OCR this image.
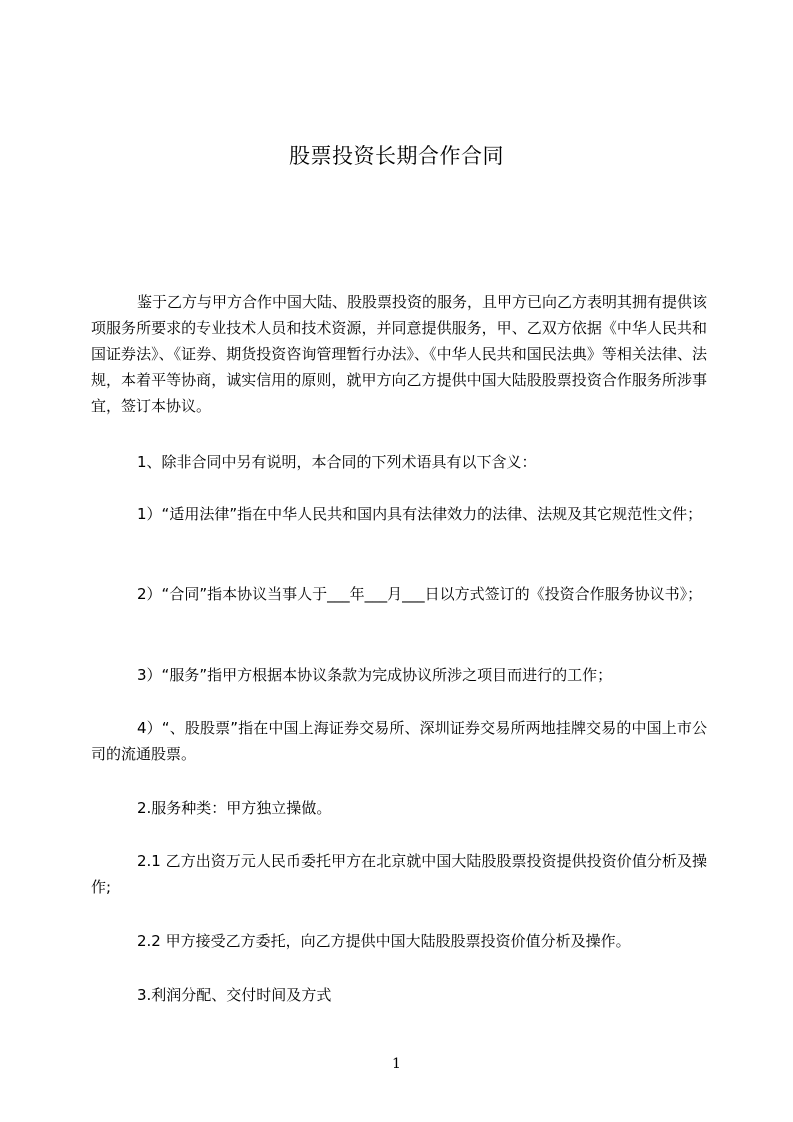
股票投资长期合作合同

鉴于乙方与甲方合作中国大陆、股股票投资的服务，且甲方已向乙方表明其拥有提供该项服务所要求的专业技术人员和技术资源，并同意提供服务，甲、乙双方依据《中华人民共和国证券法》、《证券、期货投资咨询管理暂行办法》、《中华人民共和国民法典》等相关法律、法规，本着平等协商，诚实信用的原则，就甲方向乙方提供中国大陆股股票投资合作服务所涉事宜，签订本协议。

1、除非合同中另有说明，本合同的下列术语具有以下含义：

1）“适用法律”指在中华人民共和国内具有法律效力的法律、法规及其它规范性文件；

2）“合同”指本协议当事人于___年___月___日以方式签订的《投资合作服务协议书》；

3）“服务”指甲方根据本协议条款为完成协议所涉之项目而进行的工作；

4）“、股股票”指在中国上海证券交易所、深圳证券交易所两地挂牌交易的中国上市公司的流通股票。

2.服务种类：甲方独立操做。

2.1 乙方出资万元人民币委托甲方在北京就中国大陆股股票投资提供投资价值分析及操作;

2.2 甲方接受乙方委托，向乙方提供中国大陆股股票投资价值分析及操作。

3.利润分配、交付时间及方式

1
